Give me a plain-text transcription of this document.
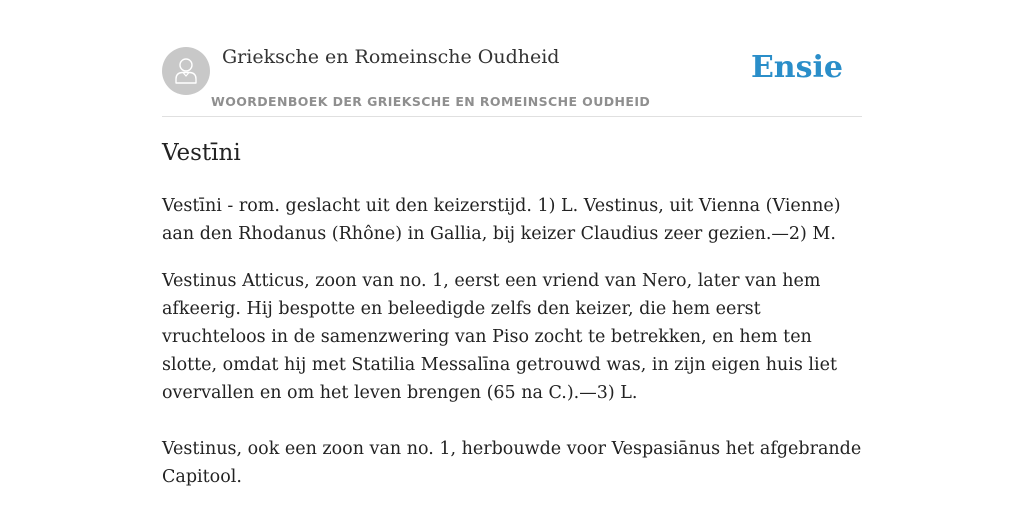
Grieksche en Romeinsche Oudheid
WOORDENBOEK DER GRIEKSCHE EN ROMEINSCHE OUDHEID
Ensie
Vestīni

Vestīni - rom. geslacht uit den keizerstijd. 1) L. Vestinus, uit Vienna (Vienne) aan den Rhodanus (Rhône) in Gallia, bij keizer Claudius zeer gezien.—2) M.

Vestinus Atticus, zoon van no. 1, eerst een vriend van Nero, later van hem afkeerig. Hij bespotte en beleedigde zelfs den keizer, die hem eerst vruchteloos in de samenzwering van Piso zocht te betrekken, en hem ten slotte, omdat hij met Statilia Messalīna getrouwd was, in zijn eigen huis liet overvallen en om het leven brengen (65 na C.).—3) L.

Vestinus, ook een zoon van no. 1, herbouwde voor Vespasiānus het afgebrande Capitool.
